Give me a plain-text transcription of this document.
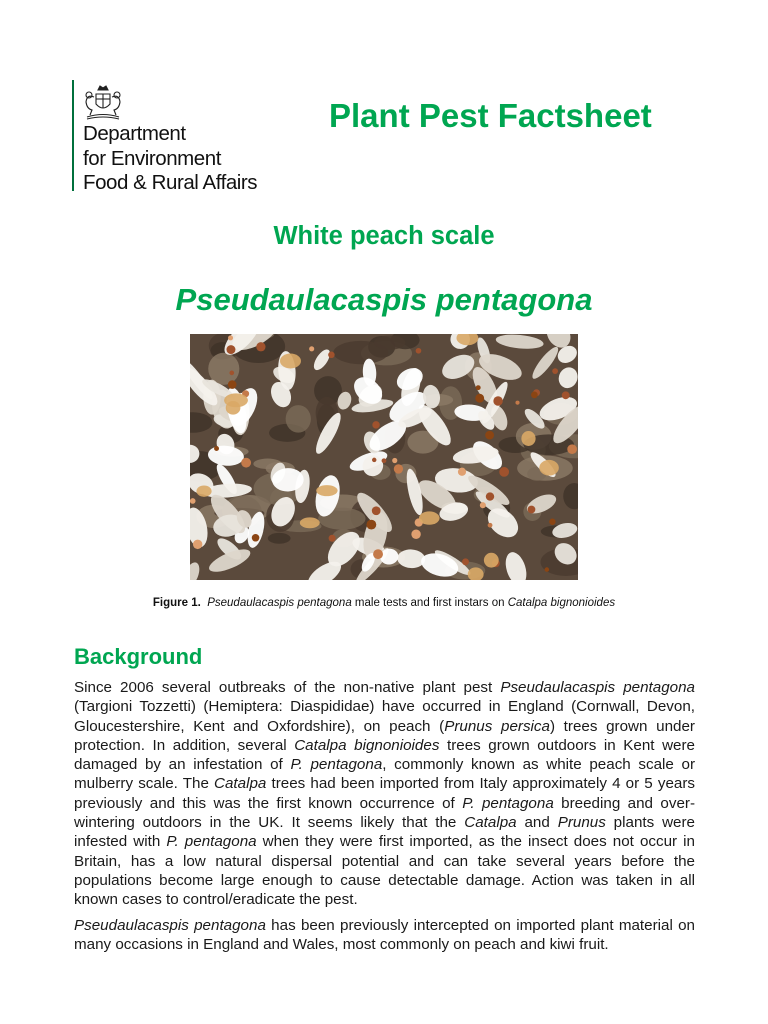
Department
for Environment
Food & Rural Affairs
Plant Pest Factsheet
White peach scale
Pseudaulacaspis pentagona
Figure 1. Pseudaulacaspis pentagona male tests and first instars on Catalpa bignonioides
Background

Since 2006 several outbreaks of the non-native plant pest Pseudaulacaspis pentagona (Targioni Tozzetti) (Hemiptera: Diaspididae) have occurred in England (Cornwall, Devon, Gloucestershire, Kent and Oxfordshire), on peach (Prunus persica) trees grown under protection. In addition, several Catalpa bignonioides trees grown outdoors in Kent were damaged by an infestation of P. pentagona, commonly known as white peach scale or mulberry scale. The Catalpa trees had been imported from Italy approximately 4 or 5 years previously and this was the first known occurrence of P. pentagona breeding and over-wintering outdoors in the UK. It seems likely that the Catalpa and Prunus plants were infested with P. pentagona when they were first imported, as the insect does not occur in Britain, has a low natural dispersal potential and can take several years before the populations become large enough to cause detectable damage. Action was taken in all known cases to control/eradicate the pest.

Pseudaulacaspis pentagona has been previously intercepted on imported plant material on many occasions in England and Wales, most commonly on peach and kiwi fruit.
